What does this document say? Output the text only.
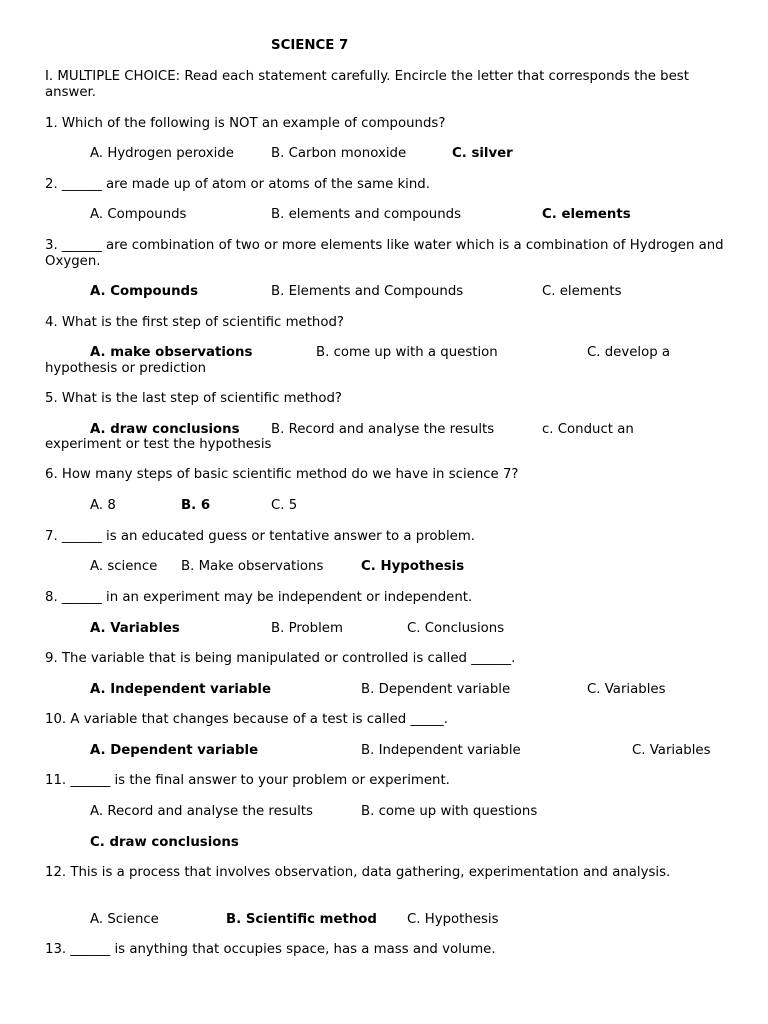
SCIENCE 7
I. MULTIPLE CHOICE: Read each statement carefully. Encircle the letter that corresponds the best answer.
1. Which of the following is NOT an example of compounds?
A. Hydrogen peroxide	B. Carbon monoxide	C. silver
2. ______ are made up of atom or atoms of the same kind.
A. Compounds	B. elements and compounds	C. elements
3. ______ are combination of two or more elements like water which is a combination of Hydrogen and Oxygen.
A. Compounds	B. Elements and Compounds	C. elements
4. What is the first step of scientific method?
A. make observations	B. come up with a question	C. develop a
hypothesis or prediction
5. What is the last step of scientific method?
A. draw conclusions B. Record and analyse the results	c. Conduct an
experiment or test the hypothesis
6. How many steps of basic scientific method do we have in science 7?
A. 8	B. 6	C. 5
7. ______ is an educated guess or tentative answer to a problem.
A. science B. Make observations	C. Hypothesis
8. ______ in an experiment may be independent or independent.
A. Variables	B. Problem	C. Conclusions
9. The variable that is being manipulated or controlled is called ______.
A. Independent variable	B. Dependent variable	C. Variables
10. A variable that changes because of a test is called _____.
A. Dependent variable	B. Independent variable	C. Variables
11. ______ is the final answer to your problem or experiment.
A. Record and analyse the results	B. come up with questions
C. draw conclusions
12. This is a process that involves observation, data gathering, experimentation and analysis.
A. Science	B. Scientific method C. Hypothesis
13. ______ is anything that occupies space, has a mass and volume.
